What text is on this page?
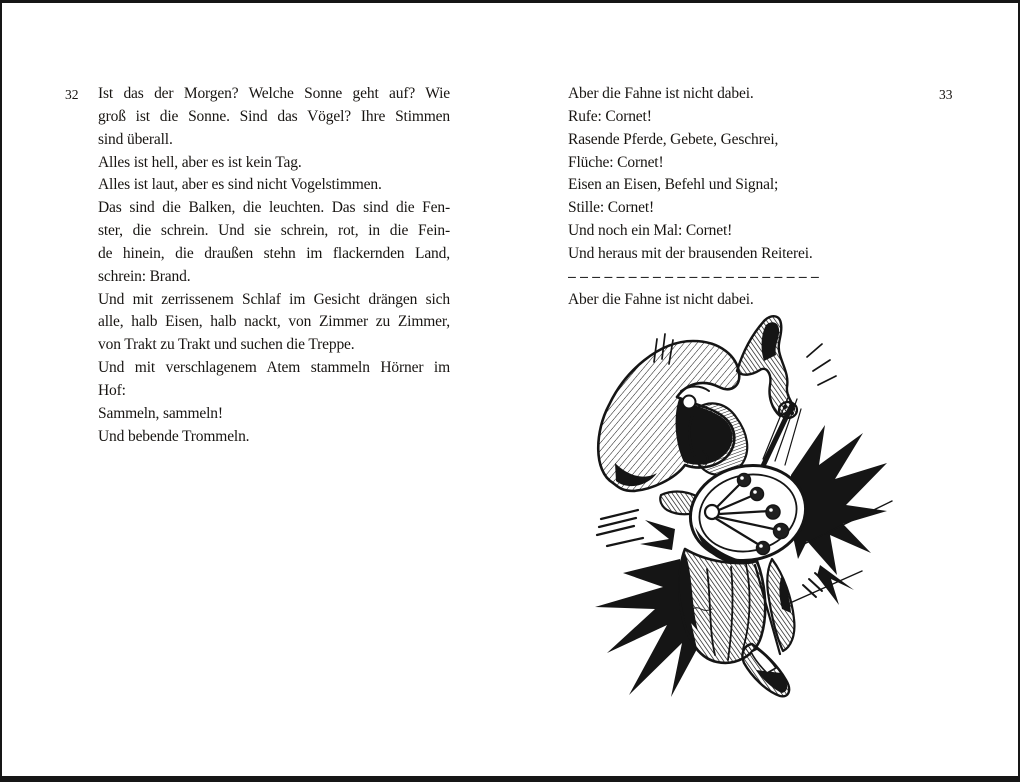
32	33
Ist das der Morgen? Welche Sonne geht auf? Wie
groß ist die Sonne. Sind das Vögel? Ihre Stimmen
sind überall.
Alles ist hell, aber es ist kein Tag.
Alles ist laut, aber es sind nicht Vogelstimmen.
Das sind die Balken, die leuchten. Das sind die Fen-
ster, die schrein. Und sie schrein, rot, in die Fein-
de hinein, die draußen stehn im flackernden Land,
schrein: Brand.
Und mit zerrissenem Schlaf im Gesicht drängen sich
alle, halb Eisen, halb nackt, von Zimmer zu Zimmer,
von Trakt zu Trakt und suchen die Treppe.
Und mit verschlagenem Atem stammeln Hörner im
Hof:
Sammeln, sammeln!
Und bebende Trommeln.
Aber die Fahne ist nicht dabei.
Rufe: Cornet!
Rasende Pferde, Gebete, Geschrei,
Flüche: Cornet!
Eisen an Eisen, Befehl und Signal;
Stille: Cornet!
Und noch ein Mal: Cornet!
Und heraus mit der brausenden Reiterei.
–––––––––––––––––––––
Aber die Fahne ist nicht dabei.
